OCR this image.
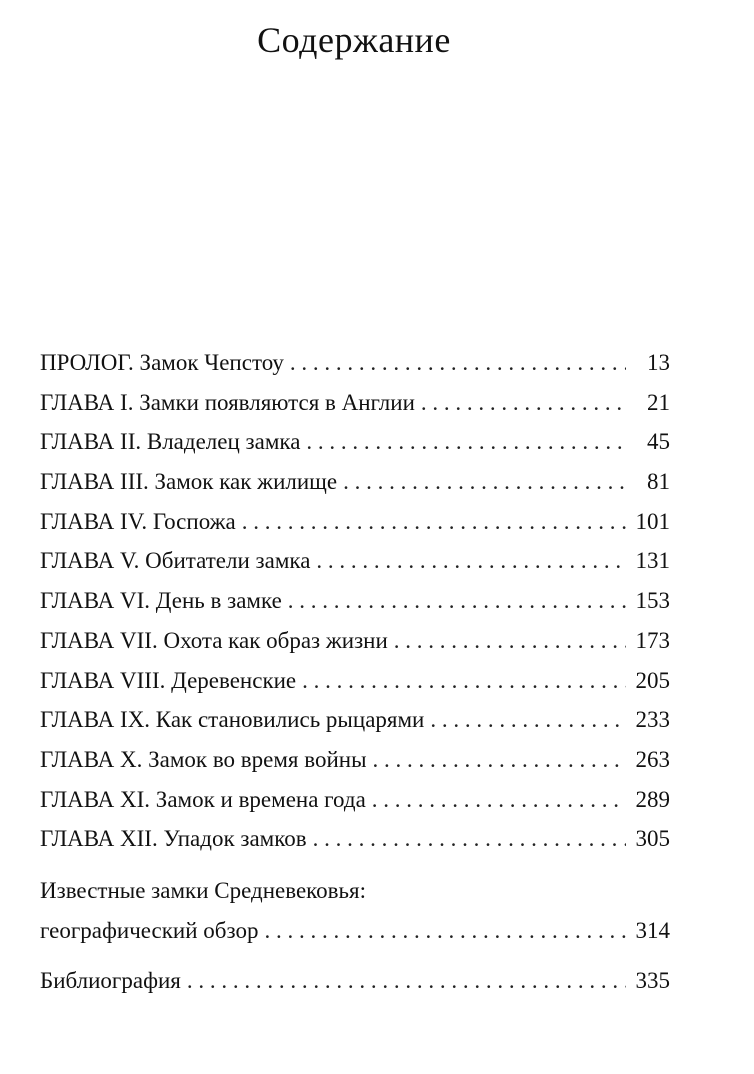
Содержание
ПРОЛОГ. Замок Чепстоу . . .	13
ГЛАВА I. Замки появляются в Англии . . .	21
ГЛАВА II. Владелец замка . . .	45
ГЛАВА III. Замок как жилище . . .	81
ГЛАВА IV. Госпожа . . .	101
ГЛАВА V. Обитатели замка . . .	131
ГЛАВА VI. День в замке . . .	153
ГЛАВА VII. Охота как образ жизни . . .	173
ГЛАВА VIII. Деревенские . . .	205
ГЛАВА IX. Как становились рыцарями . . .	233
ГЛАВА X. Замок во время войны . . .	263
ГЛАВА XI. Замок и времена года . . .	289
ГЛАВА XII. Упадок замков . . .	305
Известные замки Средневековья:
географический обзор . . .	314
Библиография . . .	335
